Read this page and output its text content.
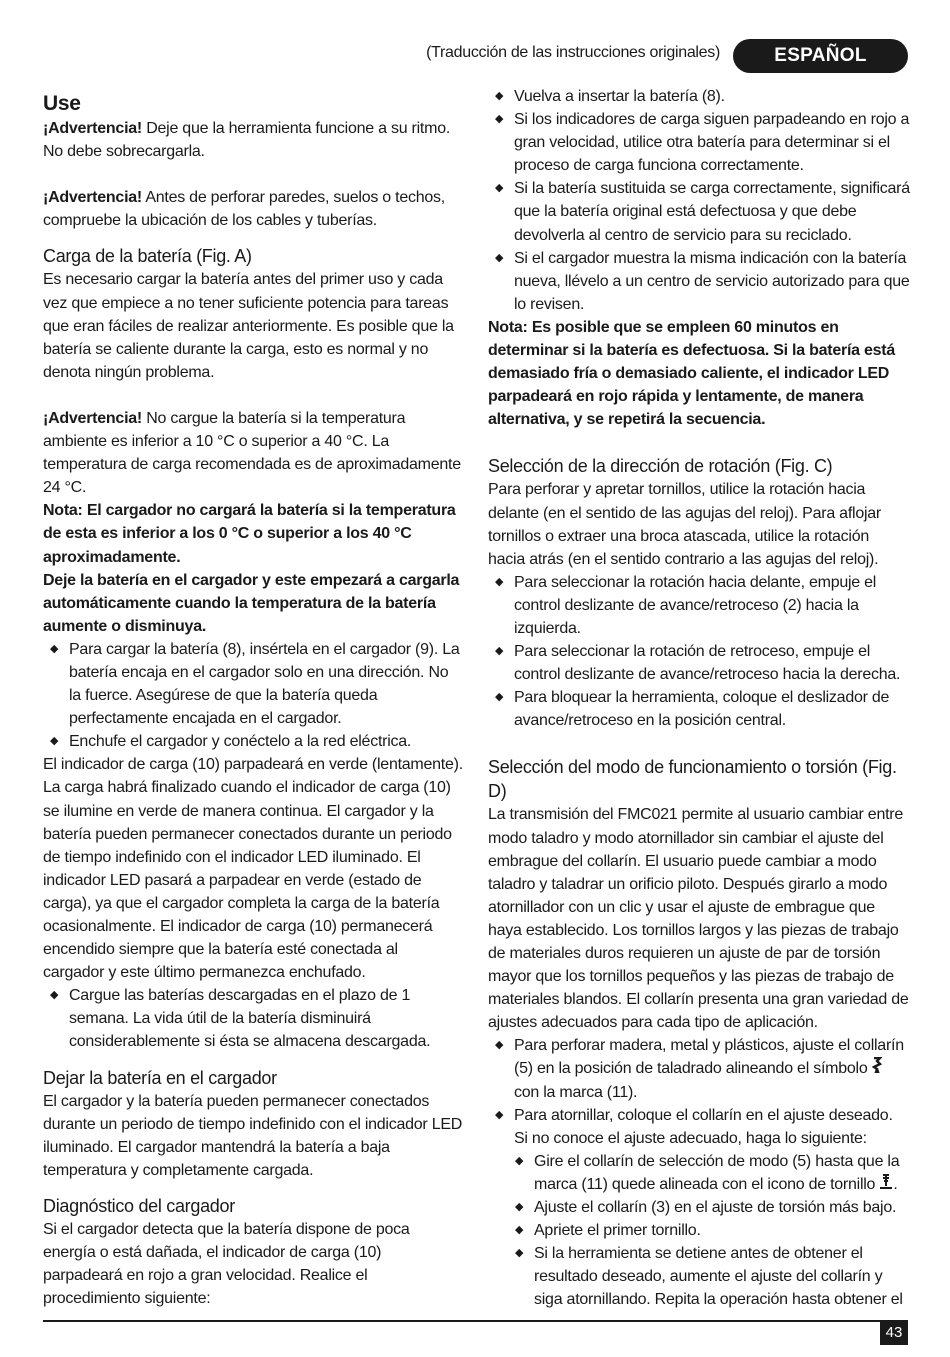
(Traducción de las instrucciones originales)	ESPAÑOL
Use

¡Advertencia! Deje que la herramienta funcione a su ritmo. No debe sobrecargarla.

¡Advertencia! Antes de perforar paredes, suelos o techos, compruebe la ubicación de los cables y tuberías.

Carga de la batería (Fig. A)

Es necesario cargar la batería antes del primer uso y cada vez que empiece a no tener suficiente potencia para tareas que eran fáciles de realizar anteriormente. Es posible que la batería se caliente durante la carga, esto es normal y no denota ningún problema.

¡Advertencia! No cargue la batería si la temperatura ambiente es inferior a 10 °C o superior a 40 °C. La temperatura de carga recomendada es de aproximadamente 24 °C.

Nota: El cargador no cargará la batería si la temperatura de esta es inferior a los 0 °C o superior a los 40 °C aproximadamente.

Deje la batería en el cargador y este empezará a cargarla automáticamente cuando la temperatura de la batería aumente o disminuya.

◆ Para cargar la batería (8), insértela en el cargador (9). La batería encaja en el cargador solo en una dirección. No la fuerce. Asegúrese de que la batería queda perfectamente encajada en el cargador.
◆ Enchufe el cargador y conéctelo a la red eléctrica.

El indicador de carga (10) parpadeará en verde (lentamente). La carga habrá finalizado cuando el indicador de carga (10) se ilumine en verde de manera continua. El cargador y la batería pueden permanecer conectados durante un periodo de tiempo indefinido con el indicador LED iluminado. El indicador LED pasará a parpadear en verde (estado de carga), ya que el cargador completa la carga de la batería ocasionalmente. El indicador de carga (10) permanecerá encendido siempre que la batería esté conectada al cargador y este último permanezca enchufado.

◆ Cargue las baterías descargadas en el plazo de 1 semana. La vida útil de la batería disminuirá considerablemente si ésta se almacena descargada.
Dejar la batería en el cargador

El cargador y la batería pueden permanecer conectados durante un periodo de tiempo indefinido con el indicador LED iluminado. El cargador mantendrá la batería a baja temperatura y completamente cargada.

Diagnóstico del cargador

Si el cargador detecta que la batería dispone de poca energía o está dañada, el indicador de carga (10) parpadeará en rojo a gran velocidad. Realice el procedimiento siguiente:

◆ Vuelva a insertar la batería (8).
◆ Si los indicadores de carga siguen parpadeando en rojo a gran velocidad, utilice otra batería para determinar si el proceso de carga funciona correctamente.
◆ Si la batería sustituida se carga correctamente, significará que la batería original está defectuosa y que debe devolverla al centro de servicio para su reciclado.
◆ Si el cargador muestra la misma indicación con la batería nueva, llévelo a un centro de servicio autorizado para que lo revisen.

Nota: Es posible que se empleen 60 minutos en determinar si la batería es defectuosa. Si la batería está demasiado fría o demasiado caliente, el indicador LED parpadeará en rojo rápida y lentamente, de manera alternativa, y se repetirá la secuencia.

Selección de la dirección de rotación (Fig. C)

Para perforar y apretar tornillos, utilice la rotación hacia delante (en el sentido de las agujas del reloj). Para aflojar tornillos o extraer una broca atascada, utilice la rotación hacia atrás (en el sentido contrario a las agujas del reloj).

◆ Para seleccionar la rotación hacia delante, empuje el control deslizante de avance/retroceso (2) hacia la izquierda.
◆ Para seleccionar la rotación de retroceso, empuje el control deslizante de avance/retroceso hacia la derecha.
◆ Para bloquear la herramienta, coloque el deslizador de avance/retroceso en la posición central.
Selección del modo de funcionamiento o torsión (Fig. D)

La transmisión del FMC021 permite al usuario cambiar entre modo taladro y modo atornillador sin cambiar el ajuste del embrague del collarín. El usuario puede cambiar a modo taladro y taladrar un orificio piloto. Después girarlo a modo atornillador con un clic y usar el ajuste de embrague que haya establecido. Los tornillos largos y las piezas de trabajo de materiales duros requieren un ajuste de par de torsión mayor que los tornillos pequeños y las piezas de trabajo de materiales blandos. El collarín presenta una gran variedad de ajustes adecuados para cada tipo de aplicación.

◆ Para perforar madera, metal y plásticos, ajuste el collarín (5) en la posición de taladrado alineando el símbolo  con la marca (11).
◆ Para atornillar, coloque el collarín en el ajuste deseado. Si no conoce el ajuste adecuado, haga lo siguiente:
◆ Gire el collarín de selección de modo (5) hasta que la marca (11) quede alineada con el icono de tornillo .
◆ Ajuste el collarín (3) en el ajuste de torsión más bajo.
◆ Apriete el primer tornillo.
◆ Si la herramienta se detiene antes de obtener el resultado deseado, aumente el ajuste del collarín y siga atornillando. Repita la operación hasta obtener el
43
